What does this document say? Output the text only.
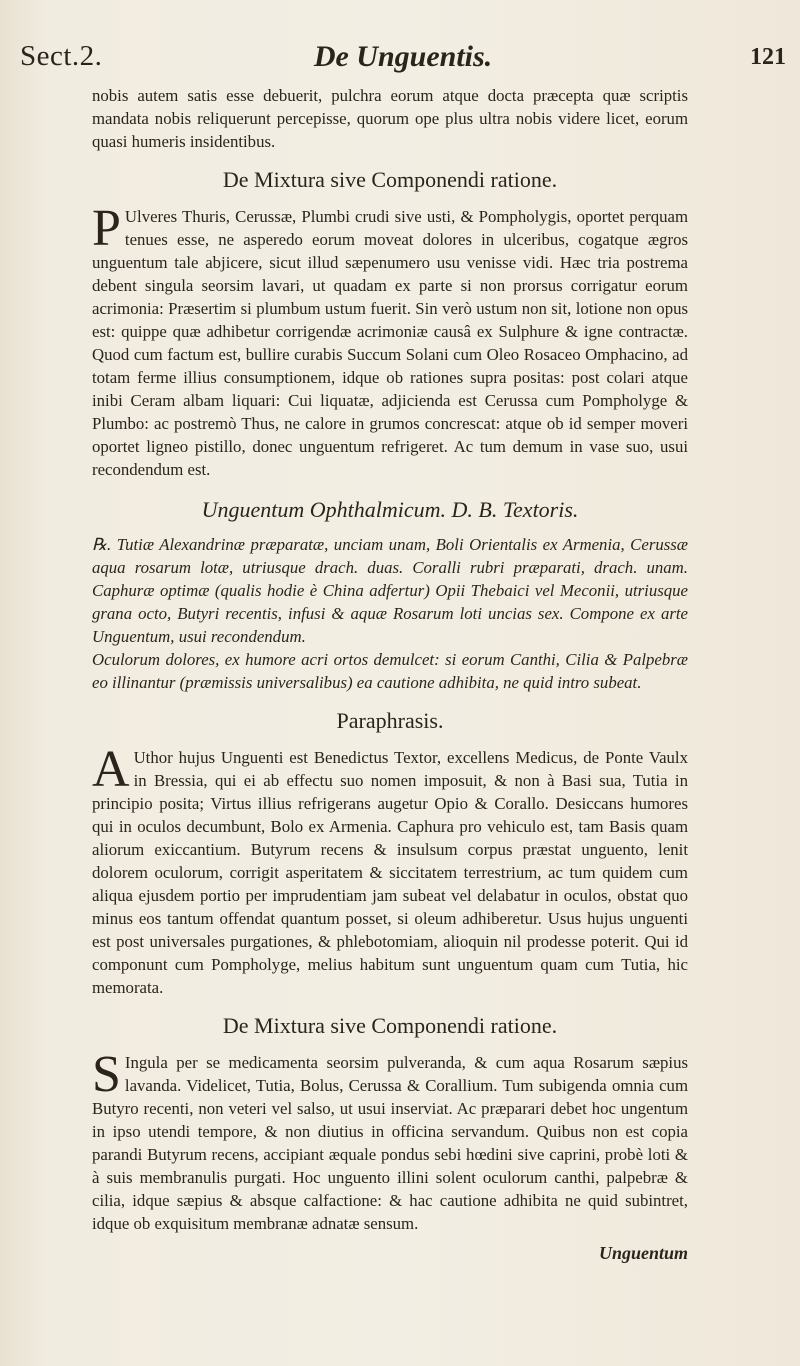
Sect.2.	De Unguentis.	121

nobis autem satis esse debuerit, pulchra eorum atque docta præcepta quæ scriptis mandata nobis reliquerunt percepisse, quorum ope plus ultra nobis videre licet, eorum quasi humeris insidentibus.

De Mixtura sive Componendi ratione.

P Ulveres Thuris, Cerussæ, Plumbi crudi sive usti, & Pompholygis, oportet perquam tenues esse, ne asperedo eorum moveat dolores in ulceribus, cogatque ægros unguentum tale abjicere, sicut illud sæpenumero usu venisse vidi. Hæc tria postrema debent singula seorsim lavari, ut quadam ex parte si non prorsus corrigatur eorum acrimonia: Præsertim si plumbum ustum fuerit. Sin verò ustum non sit, lotione non opus est: quippe quæ adhibetur corrigendæ acrimoniæ causâ ex Sulphure & igne contractæ. Quod cum factum est, bullire curabis Succum Solani cum Oleo Rosaceo Omphacino, ad totam ferme illius consumptionem, idque ob rationes supra positas: post colari atque inibi Ceram albam liquari: Cui liquatæ, adjicienda est Cerussa cum Pompholyge & Plumbo: ac postremò Thus, ne calore in grumos concrescat: atque ob id semper moveri oportet ligneo pistillo, donec unguentum refrigeret. Ac tum demum in vase suo, usui recondendum est.

Unguentum Ophthalmicum. D. B. Textoris.

℞. Tutiæ Alexandrinæ præparatæ, unciam unam, Boli Orientalis ex Armenia, Cerussæ aqua rosarum lotæ, utriusque drach. duas. Coralli rubri præparati, drach. unam. Caphuræ optimæ (qualis hodie è China adfertur) Opii Thebaici vel Meconii, utriusque grana octo, Butyri recentis, infusi & aquæ Rosarum loti uncias sex. Compone ex arte Unguentum, usui recondendum.

Oculorum dolores, ex humore acri ortos demulcet: si eorum Canthi, Cilia & Palpebræ eo illinantur (præmissis universalibus) ea cautione adhibita, ne quid intro subeat.

Paraphrasis.

A Uthor hujus Unguenti est Benedictus Textor, excellens Medicus, de Ponte Vaulx in Bressia, qui ei ab effectu suo nomen imposuit, & non à Basi sua, Tutia in principio posita; Virtus illius refrigerans augetur Opio & Corallo. Desiccans humores qui in oculos decumbunt, Bolo ex Armenia. Caphura pro vehiculo est, tam Basis quam aliorum exiccantium. Butyrum recens & insulsum corpus præstat unguento, lenit dolorem oculorum, corrigit asperitatem & siccitatem terrestrium, ac tum quidem cum aliqua ejusdem portio per imprudentiam jam subeat vel delabatur in oculos, obstat quo minus eos tantum offendat quantum posset, si oleum adhiberetur. Usus hujus unguenti est post universales purgationes, & phlebotomiam, alioquin nil prodesse poterit. Qui id componunt cum Pompholyge, melius habitum sunt unguentum quam cum Tutia, hic memorata.

De Mixtura sive Componendi ratione.

S Ingula per se medicamenta seorsim pulveranda, & cum aqua Rosarum sæpius lavanda. Videlicet, Tutia, Bolus, Cerussa & Corallium. Tum subigenda omnia cum Butyro recenti, non veteri vel salso, ut usui inserviat. Ac præparari debet hoc ungentum in ipso utendi tempore, & non diutius in officina servandum. Quibus non est copia parandi Butyrum recens, accipiant æquale pondus sebi hœdini sive caprini, probè loti & à suis membranulis purgati. Hoc unguento illini solent oculorum canthi, palpebræ & cilia, idque sæpius & absque calfactione: & hac cautione adhibita ne quid subintret, idque ob exquisitum membranæ adnatæ sensum.

Unguentum
